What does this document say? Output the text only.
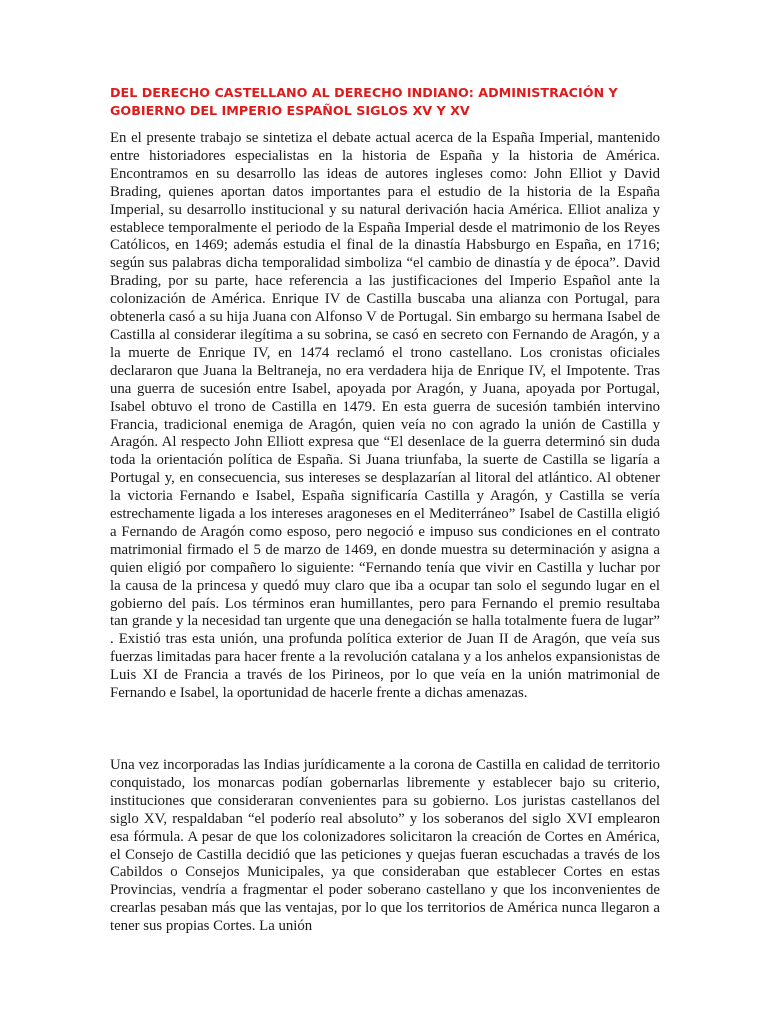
DEL DERECHO CASTELLANO AL DERECHO INDIANO: ADMINISTRACIÓN Y GOBIERNO DEL IMPERIO ESPAÑOL SIGLOS XV Y XV

En el presente trabajo se sintetiza el debate actual acerca de la España Imperial, mantenido entre historiadores especialistas en la historia de España y la historia de América. Encontramos en su desarrollo las ideas de autores ingleses como: John Elliot y David Brading, quienes aportan datos importantes para el estudio de la historia de la España Imperial, su desarrollo institucional y su natural derivación hacia América. Elliot analiza y establece temporalmente el periodo de la España Imperial desde el matrimonio de los Reyes Católicos, en 1469; además estudia el final de la dinastía Habsburgo en España, en 1716; según sus palabras dicha temporalidad simboliza “el cambio de dinastía y de época”. David Brading, por su parte, hace referencia a las justificaciones del Imperio Español ante la colonización de América. Enrique IV de Castilla buscaba una alianza con Portugal, para obtenerla casó a su hija Juana con Alfonso V de Portugal. Sin embargo su hermana Isabel de Castilla al considerar ilegítima a su sobrina, se casó en secreto con Fernando de Aragón, y a la muerte de Enrique IV, en 1474 reclamó el trono castellano. Los cronistas oficiales declararon que Juana la Beltraneja, no era verdadera hija de Enrique IV, el Impotente. Tras una guerra de sucesión entre Isabel, apoyada por Aragón, y Juana, apoyada por Portugal, Isabel obtuvo el trono de Castilla en 1479. En esta guerra de sucesión también intervino Francia, tradicional enemiga de Aragón, quien veía no con agrado la unión de Castilla y Aragón. Al respecto John Elliott expresa que “El desenlace de la guerra determinó sin duda toda la orientación política de España. Si Juana triunfaba, la suerte de Castilla se ligaría a Portugal y, en consecuencia, sus intereses se desplazarían al litoral del atlántico. Al obtener la victoria Fernando e Isabel, España significaría Castilla y Aragón, y Castilla se vería estrechamente ligada a los intereses aragoneses en el Mediterráneo” Isabel de Castilla eligió a Fernando de Aragón como esposo, pero negoció e impuso sus condiciones en el contrato matrimonial firmado el 5 de marzo de 1469, en donde muestra su determinación y asigna a quien eligió por compañero lo siguiente: “Fernando tenía que vivir en Castilla y luchar por la causa de la princesa y quedó muy claro que iba a ocupar tan solo el segundo lugar en el gobierno del país. Los términos eran humillantes, pero para Fernando el premio resultaba tan grande y la necesidad tan urgente que una denegación se halla totalmente fuera de lugar” . Existió tras esta unión, una profunda política exterior de Juan II de Aragón, que veía sus fuerzas limitadas para hacer frente a la revolución catalana y a los anhelos expansionistas de Luis XI de Francia a través de los Pirineos, por lo que veía en la unión matrimonial de Fernando e Isabel, la oportunidad de hacerle frente a dichas amenazas.

Una vez incorporadas las Indias jurídicamente a la corona de Castilla en calidad de territorio conquistado, los monarcas podían gobernarlas libremente y establecer bajo su criterio, instituciones que consideraran convenientes para su gobierno. Los juristas castellanos del siglo XV, respaldaban “el poderío real absoluto” y los soberanos del siglo XVI emplearon esa fórmula. A pesar de que los colonizadores solicitaron la creación de Cortes en América, el Consejo de Castilla decidió que las peticiones y quejas fueran escuchadas a través de los Cabildos o Consejos Municipales, ya que consideraban que establecer Cortes en estas Provincias, vendría a fragmentar el poder soberano castellano y que los inconvenientes de crearlas pesaban más que las ventajas, por lo que los territorios de América nunca llegaron a tener sus propias Cortes. La unión
